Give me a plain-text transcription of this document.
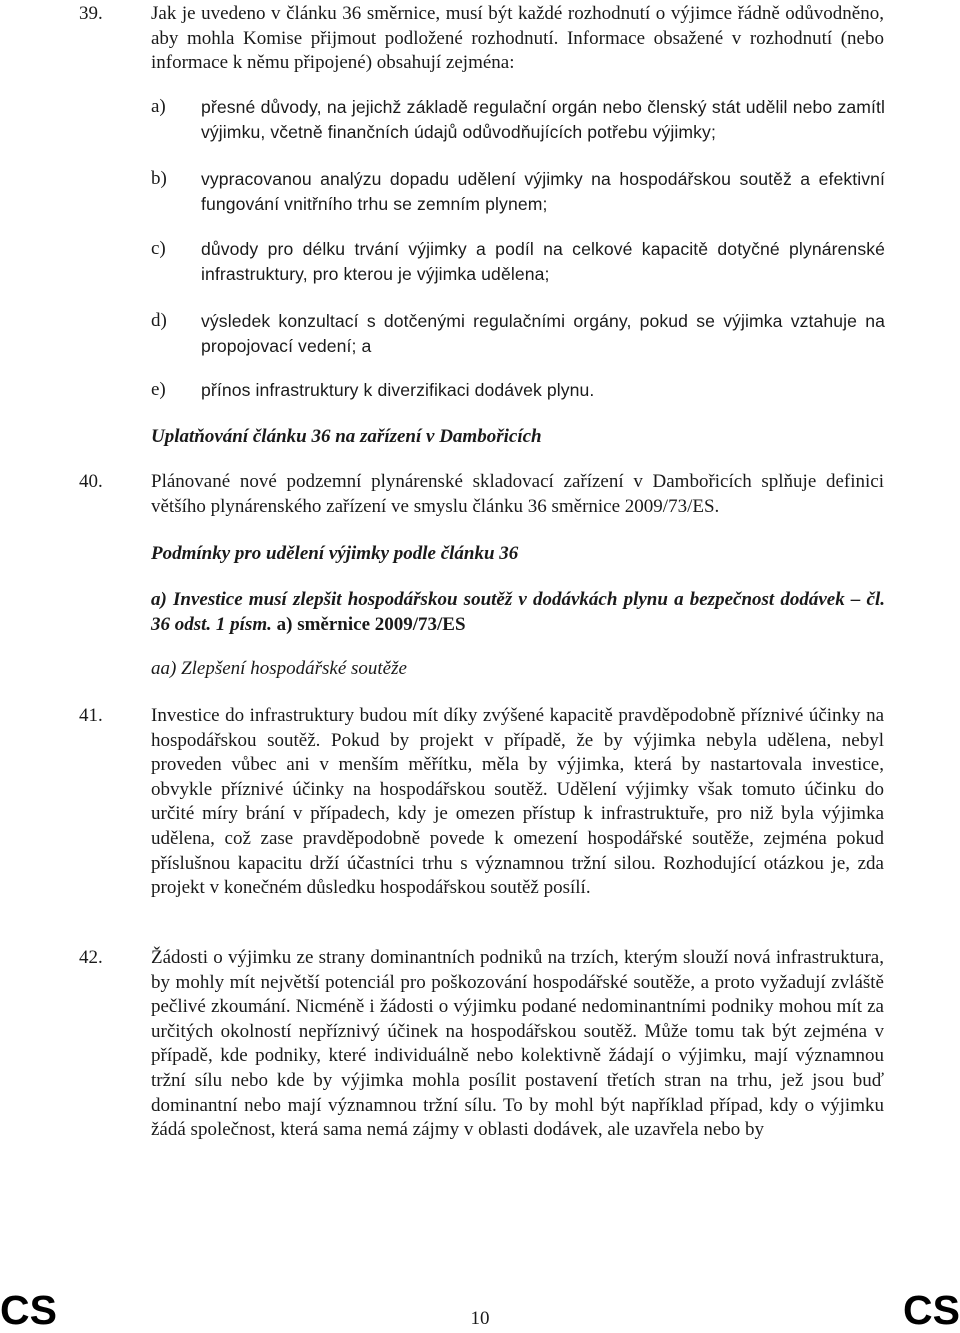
39.	Jak je uvedeno v článku 36 směrnice, musí být každé rozhodnutí o výjimce řádně odůvodněno, aby mohla Komise přijmout podložené rozhodnutí. Informace obsažené v rozhodnutí (nebo informace k němu připojené) obsahují zejména:
a) přesné důvody, na jejichž základě regulační orgán nebo členský stát udělil nebo zamítl výjimku, včetně finančních údajů odůvodňujících potřebu výjimky;
b) vypracovanou analýzu dopadu udělení výjimky na hospodářskou soutěž a efektivní fungování vnitřního trhu se zemním plynem;
c) důvody pro délku trvání výjimky a podíl na celkové kapacitě dotyčné plynárenské infrastruktury, pro kterou je výjimka udělena;
d) výsledek konzultací s dotčenými regulačními orgány, pokud se výjimka vztahuje na propojovací vedení; a
e) přínos infrastruktury k diverzifikaci dodávek plynu.
Uplatňování článku 36 na zařízení v Dambořicích
40.	Plánované nové podzemní plynárenské skladovací zařízení v Dambořicích splňuje definici většího plynárenského zařízení ve smyslu článku 36 směrnice 2009/73/ES.
Podmínky pro udělení výjimky podle článku 36
a) Investice musí zlepšit hospodářskou soutěž v dodávkách plynu a bezpečnost dodávek – čl. 36 odst. 1 písm. a) směrnice 2009/73/ES
aa) Zlepšení hospodářské soutěže
41.	Investice do infrastruktury budou mít díky zvýšené kapacitě pravděpodobně příznivé účinky na hospodářskou soutěž. Pokud by projekt v případě, že by výjimka nebyla udělena, nebyl proveden vůbec ani v menším měřítku, měla by výjimka, která by nastartovala investice, obvykle příznivé účinky na hospodářskou soutěž. Udělení výjimky však tomuto účinku do určité míry brání v případech, kdy je omezen přístup k infrastruktuře, pro niž byla výjimka udělena, což zase pravděpodobně povede k omezení hospodářské soutěže, zejména pokud příslušnou kapacitu drží účastníci trhu s významnou tržní silou. Rozhodující otázkou je, zda projekt v konečném důsledku hospodářskou soutěž posílí.
42.	Žádosti o výjimku ze strany dominantních podniků na trzích, kterým slouží nová infrastruktura, by mohly mít největší potenciál pro poškozování hospodářské soutěže, a proto vyžadují zvláště pečlivé zkoumání. Nicméně i žádosti o výjimku podané nedominantními podniky mohou mít za určitých okolností nepříznivý účinek na hospodářskou soutěž. Může tomu tak být zejména v případě, kde podniky, které individuálně nebo kolektivně žádají o výjimku, mají významnou tržní sílu nebo kde by výjimka mohla posílit postavení třetích stran na trhu, jež jsou buď dominantní nebo mají významnou tržní sílu. To by mohl být například případ, kdy o výjimku žádá společnost, která sama nemá zájmy v oblasti dodávek, ale uzavřela nebo by
CS	10	CS
